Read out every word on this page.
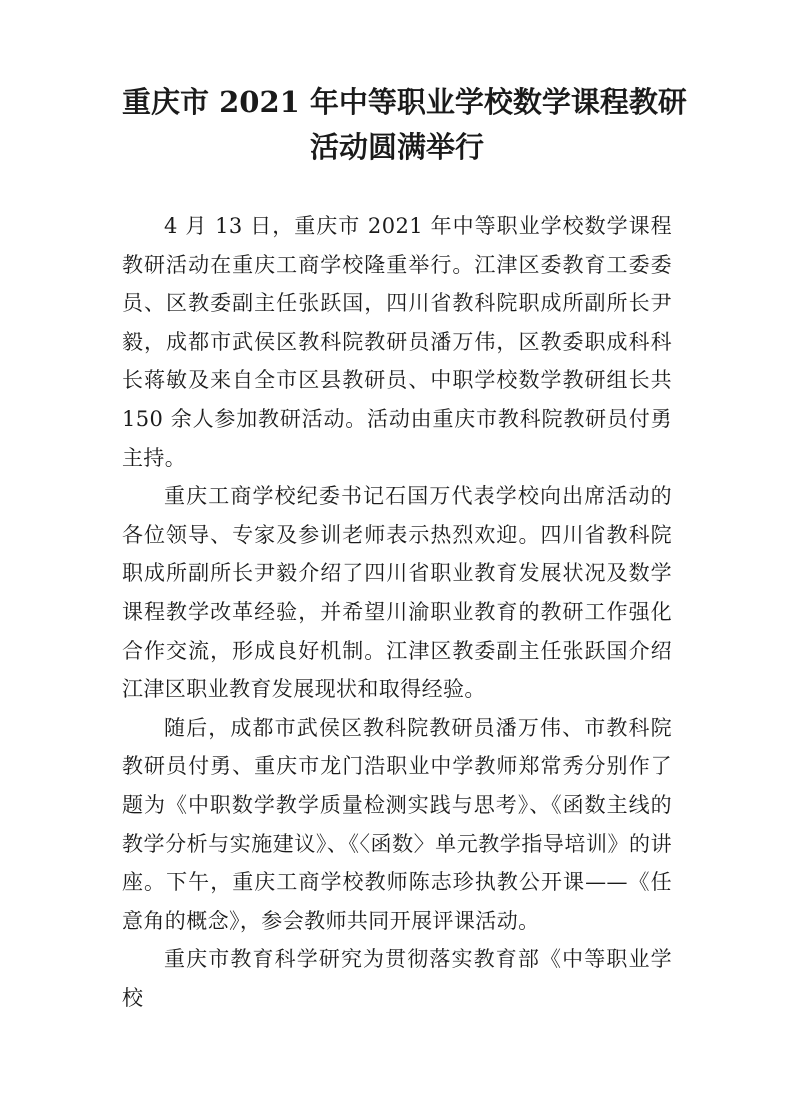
重庆市 2021 年中等职业学校数学课程教研
活动圆满举行

4 月 13 日，重庆市 2021 年中等职业学校数学课程教研活动在重庆工商学校隆重举行。江津区委教育工委委员、区教委副主任张跃国，四川省教科院职成所副所长尹毅，成都市武侯区教科院教研员潘万伟，区教委职成科科长蒋敏及来自全市区县教研员、中职学校数学教研组长共 150 余人参加教研活动。活动由重庆市教科院教研员付勇主持。

重庆工商学校纪委书记石国万代表学校向出席活动的各位领导、专家及参训老师表示热烈欢迎。四川省教科院职成所副所长尹毅介绍了四川省职业教育发展状况及数学课程教学改革经验，并希望川渝职业教育的教研工作强化合作交流，形成良好机制。江津区教委副主任张跃国介绍江津区职业教育发展现状和取得经验。

随后，成都市武侯区教科院教研员潘万伟、市教科院教研员付勇、重庆市龙门浩职业中学教师郑常秀分别作了题为《中职数学教学质量检测实践与思考》、《函数主线的教学分析与实施建议》、《〈函数〉单元教学指导培训》的讲座。下午，重庆工商学校教师陈志珍执教公开课——《任意角的概念》，参会教师共同开展评课活动。

重庆市教育科学研究为贯彻落实教育部《中等职业学校
